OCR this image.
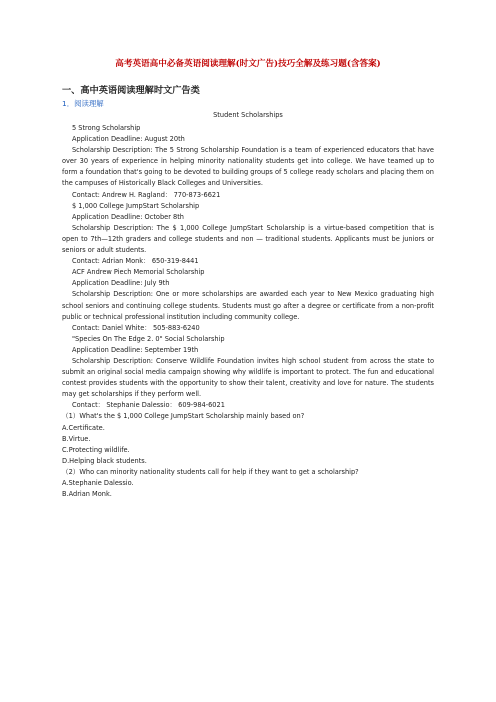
高考英语高中必备英语阅读理解(时文广告)技巧全解及练习题(含答案)
一、高中英语阅读理解时文广告类
1．阅读理解
Student Scholarships

5 Strong Scholarship

Application Deadline: August 20th

Scholarship Description: The 5 Strong Scholarship Foundation is a team of experienced educators that have over 30 years of experience in helping minority nationality students get into college. We have teamed up to form a foundation that's going to be devoted to building groups of 5 college ready scholars and placing them on the campuses of Historically Black Colleges and Universities.

Contact: Andrew H. Ragland： 770-873-6621

$ 1,000 College JumpStart Scholarship

Application Deadline: October 8th

Scholarship Description: The $ 1,000 College JumpStart Scholarship is a virtue-based competition that is open to 7th—12th graders and college students and non — traditional students. Applicants must be juniors or seniors or adult students.

Contact: Adrian Monk： 650-319-8441

ACF Andrew Piech Memorial Scholarship

Application Deadline: July 9th

Scholarship Description: One or more scholarships are awarded each year to New Mexico graduating high school seniors and continuing college students. Students must go after a degree or certificate from a non-profit public or technical professional institution including community college.

Contact: Daniel White： 505-883-6240

"Species On The Edge 2. 0" Social Scholarship

Application Deadline: September 19th

Scholarship Description: Conserve Wildlife Foundation invites high school student from across the state to submit an original social media campaign showing why wildlife is important to protect. The fun and educational contest provides students with the opportunity to show their talent, creativity and love for nature. The students may get scholarships if they perform well.

Contact： Stephanie Dalessio： 609-984-6021

（1）What's the $ 1,000 College JumpStart Scholarship mainly based on?

A.Certificate.

B.Virtue.

C.Protecting wildlife.

D.Helping black students.

（2）Who can minority nationality students call for help if they want to get a scholarship?

A.Stephanie Dalessio.

B.Adrian Monk.
